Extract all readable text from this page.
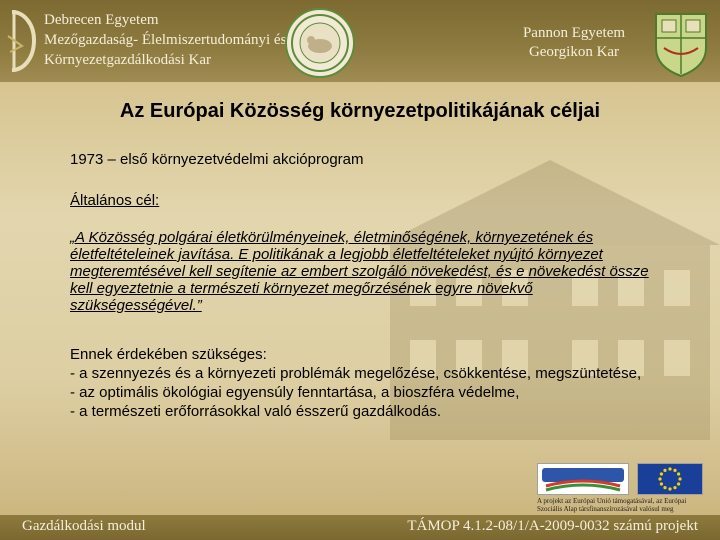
Debrecen Egyetem
Mezőgazdaság- Élelmiszertudományi és
Környezetgazdálkodási Kar
Pannon Egyetem
Georgikon Kar
Az Európai Közösség környezetpolitikájának céljai
1973 – első környezetvédelmi akcióprogram
Általános cél:
„A Közösség polgárai életkörülményeinek, életminőségének, környezetének és életfeltételeinek javítása. E politikának a legjobb életfeltételeket nyújtó környezet megteremtésével kell segítenie az embert szolgáló növekedést, és e növekedést össze kell egyeztetnie a természeti környezet megőrzésének egyre növekvő szükségességével.”
Ennek érdekében szükséges:
- a szennyezés és a környezeti problémák megelőzése, csökkentése, megszüntetése,
- az optimális ökológiai egyensúly fenntartása, a bioszféra védelme,
- a természeti erőforrásokkal való ésszerű gazdálkodás.
A projekt az Európai Unió támogatásával, az Európai
Szociális Alap társfinanszírozásával valósul meg
Gazdálkodási modul	TÁMOP 4.1.2-08/1/A-2009-0032 számú projekt
